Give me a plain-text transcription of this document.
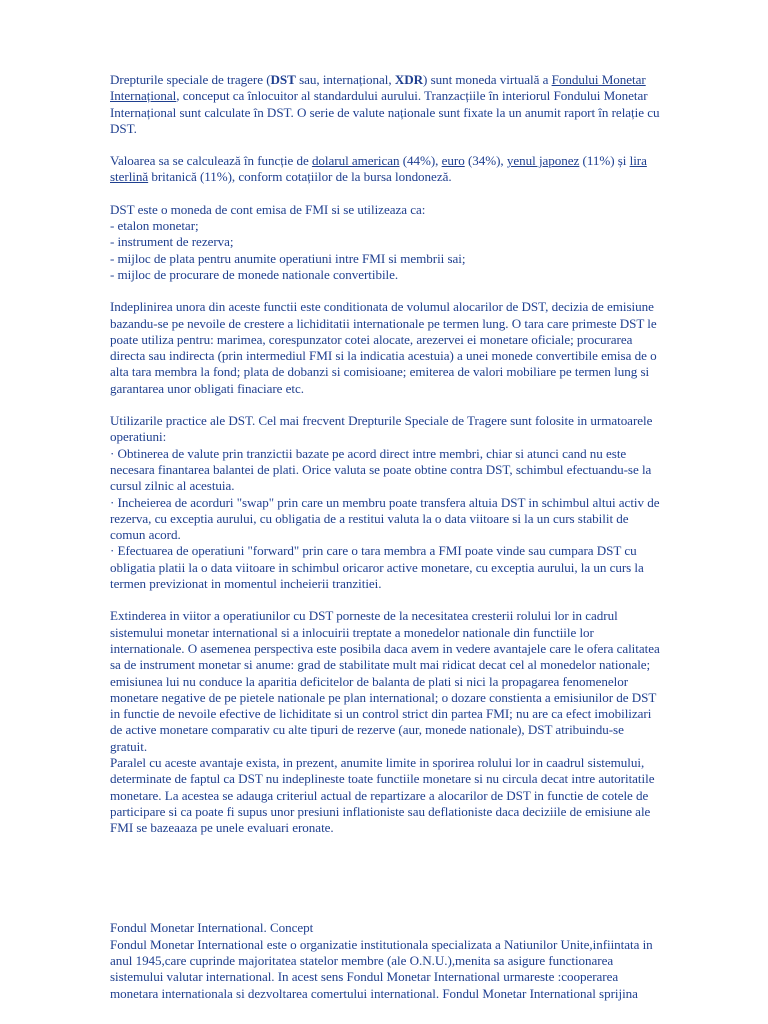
Drepturile speciale de tragere (DST sau, internațional, XDR) sunt moneda virtuală a Fondului Monetar
Internațional, conceput ca înlocuitor al standardului aurului. Tranzacțiile în interiorul Fondului Monetar
Internațional sunt calculate în DST. O serie de valute naționale sunt fixate la un anumit raport în relație cu
DST.

Valoarea sa se calculează în funcție de dolarul american (44%), euro (34%), yenul japonez (11%) și lira
sterlină britanică (11%), conform cotațiilor de la bursa londoneză.

DST este o moneda de cont emisa de FMI si se utilizeaza ca:
- etalon monetar;
- instrument de rezerva;
- mijloc de plata pentru anumite operatiuni intre FMI si membrii sai;
- mijloc de procurare de monede nationale convertibile.

Indeplinirea unora din aceste functii este conditionata de volumul alocarilor de DST, decizia de emisiune
bazandu-se pe nevoile de crestere a lichiditatii internationale pe termen lung. O tara care primeste DST le
poate utiliza pentru: marimea, corespunzator cotei alocate, arezervei ei monetare oficiale; procurarea
directa sau indirecta (prin intermediul FMI si la indicatia acestuia) a unei monede convertibile emisa de o
alta tara membra la fond; plata de dobanzi si comisioane; emiterea de valori mobiliare pe termen lung si
garantarea unor obligati finaciare etc.

Utilizarile practice ale DST. Cel mai frecvent Drepturile Speciale de Tragere sunt folosite in urmatoarele
operatiuni:
· Obtinerea de valute prin tranzictii bazate pe acord direct intre membri, chiar si atunci cand nu este
necesara finantarea balantei de plati. Orice valuta se poate obtine contra DST, schimbul efectuandu-se la
cursul zilnic al acestuia.
· Incheierea de acorduri "swap" prin care un membru poate transfera altuia DST in schimbul altui activ de
rezerva, cu exceptia aurului, cu obligatia de a restitui valuta la o data viitoare si la un curs stabilit de
comun acord.
· Efectuarea de operatiuni "forward" prin care o tara membra a FMI poate vinde sau cumpara DST cu
obligatia platii la o data viitoare in schimbul oricaror active monetare, cu exceptia aurului, la un curs la
termen previzionat in momentul incheierii tranzitiei.

Extinderea in viitor a operatiunilor cu DST porneste de la necesitatea cresterii rolului lor in cadrul
sistemului monetar international si a inlocuirii treptate a monedelor nationale din functiile lor
internationale. O asemenea perspectiva este posibila daca avem in vedere avantajele care le ofera calitatea
sa de instrument monetar si anume: grad de stabilitate mult mai ridicat decat cel al monedelor nationale;
emisiunea lui nu conduce la aparitia deficitelor de balanta de plati si nici la propagarea fenomenelor
monetare negative de pe pietele nationale pe plan international; o dozare constienta a emisiunilor de DST
in functie de nevoile efective de lichiditate si un control strict din partea FMI; nu are ca efect imobilizari
de active monetare comparativ cu alte tipuri de rezerve (aur, monede nationale), DST atribuindu-se
gratuit.
Paralel cu aceste avantaje exista, in prezent, anumite limite in sporirea rolului lor in caadrul sistemului,
determinate de faptul ca DST nu indeplineste toate functiile monetare si nu circula decat intre autoritatile
monetare. La acestea se adauga criteriul actual de repartizare a alocarilor de DST in functie de cotele de
participare si ca poate fi supus unor presiuni inflationiste sau deflationiste daca deciziile de emisiune ale
FMI se bazeaaza pe unele evaluari eronate.

Fondul Monetar International. Concept
Fondul Monetar International este o organizatie institutionala specializata a Natiunilor Unite,infiintata in
anul 1945,care cuprinde majoritatea statelor membre (ale O.N.U.),menita sa asigure functionarea
sistemului valutar international. In acest sens Fondul Monetar International urmareste :cooperarea
monetara internationala si dezvoltarea comertului international. Fondul Monetar International sprijina
